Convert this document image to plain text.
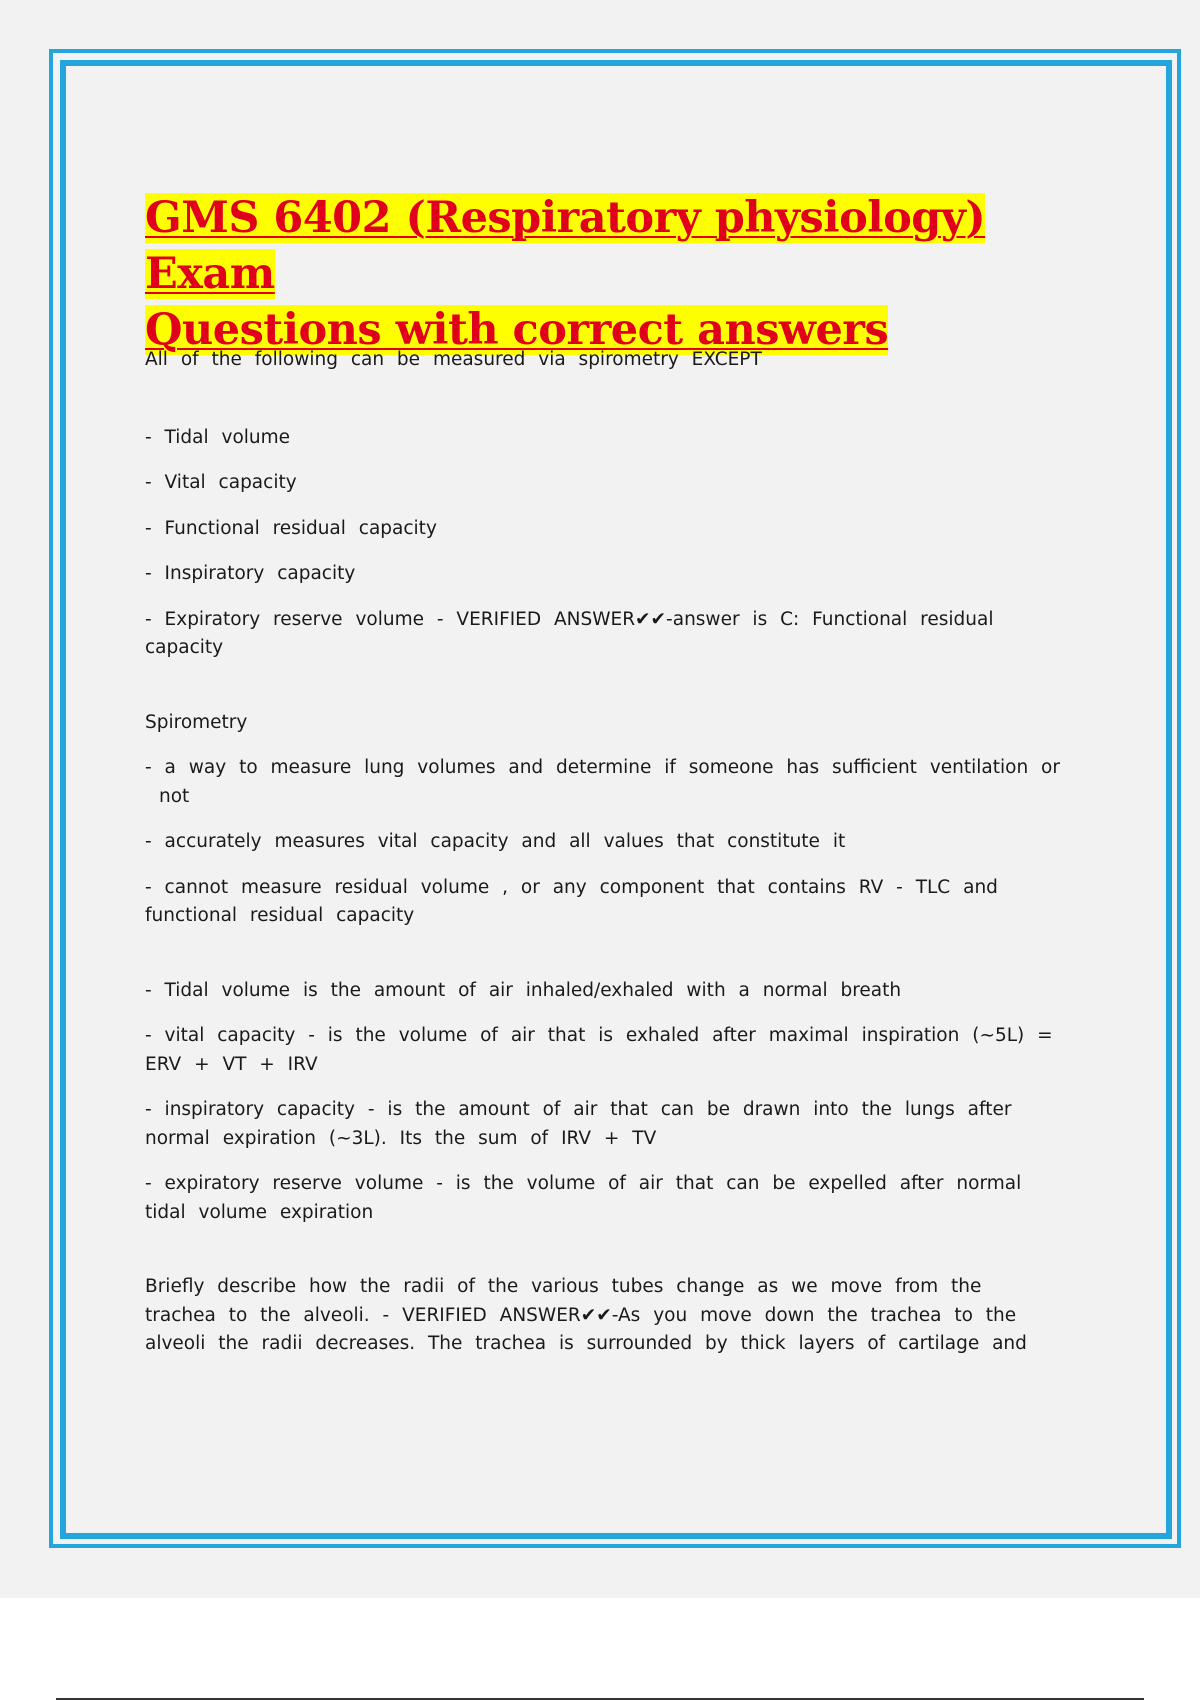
GMS 6402 (Respiratory physiology) Exam
Questions with correct answers

All of the following can be measured via spirometry EXCEPT

- Tidal volume

- Vital capacity

- Functional residual capacity

- Inspiratory capacity

- Expiratory reserve volume - VERIFIED ANSWER✔✔-answer is C: Functional residual

capacity

Spirometry

- a way to measure lung volumes and determine if someone has sufficient ventilation or

not

- accurately measures vital capacity and all values that constitute it

- cannot measure residual volume , or any component that contains RV - TLC and

functional residual capacity

- Tidal volume is the amount of air inhaled/exhaled with a normal breath

- vital capacity - is the volume of air that is exhaled after maximal inspiration (~5L) =

ERV + VT + IRV

- inspiratory capacity - is the amount of air that can be drawn into the lungs after

normal expiration (~3L). Its the sum of IRV + TV

- expiratory reserve volume - is the volume of air that can be expelled after normal

tidal volume expiration

Briefly describe how the radii of the various tubes change as we move from the

trachea to the alveoli. - VERIFIED ANSWER✔✔-As you move down the trachea to the

alveoli the radii decreases. The trachea is surrounded by thick layers of cartilage and
